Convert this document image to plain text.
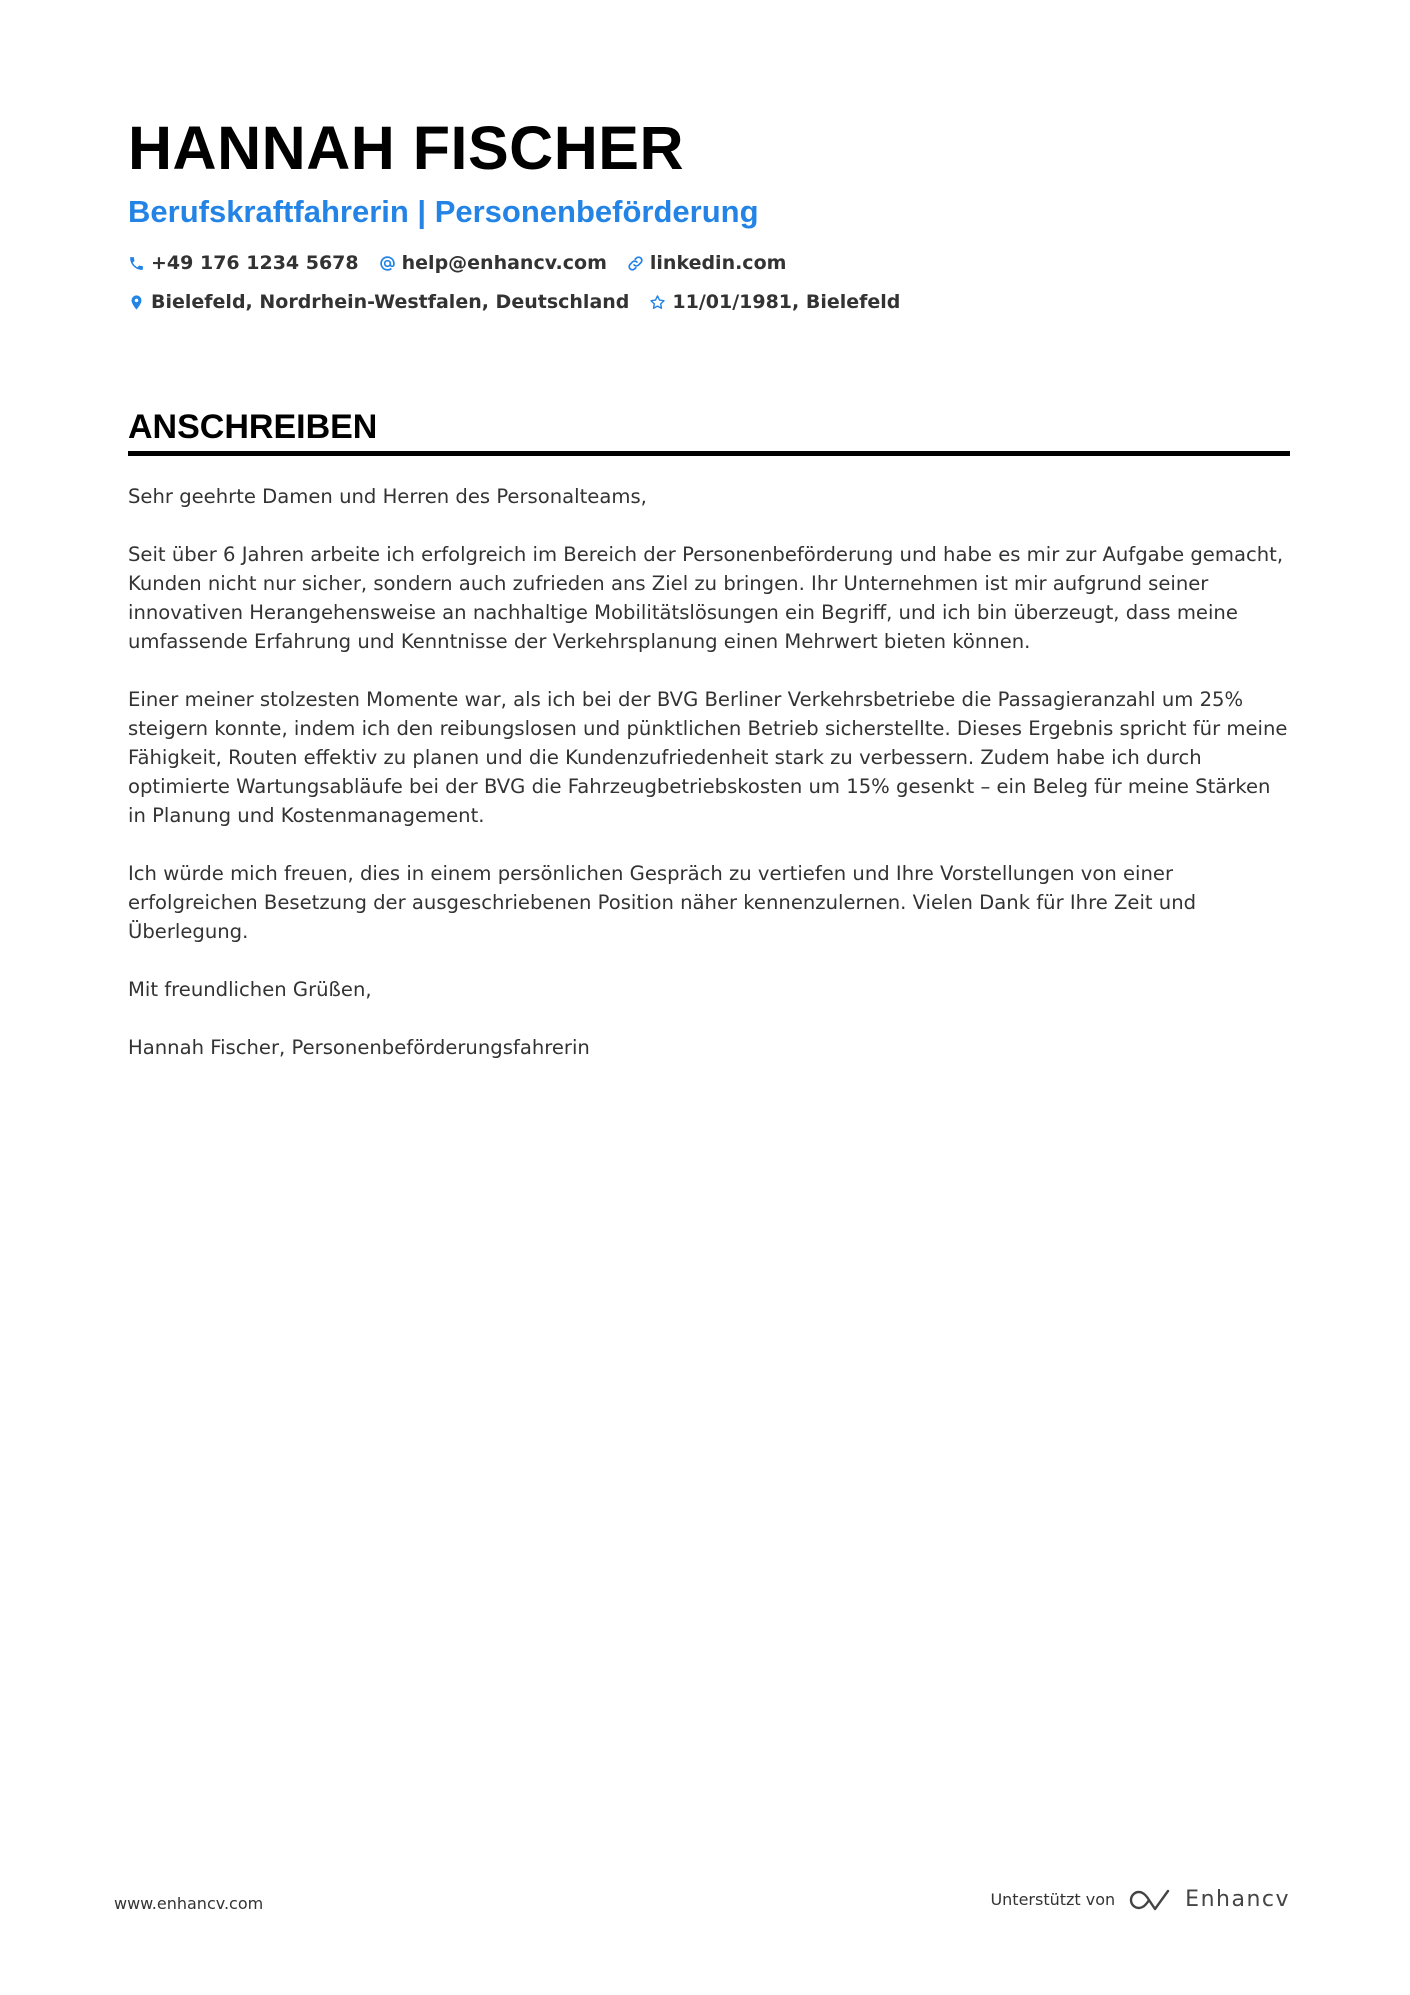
HANNAH FISCHER
Berufskraftfahrerin | Personenbeförderung
+49 176 1234 5678 help@enhancv.com linkedin.com
Bielefeld, Nordrhein-Westfalen, Deutschland 11/01/1981, Bielefeld
ANSCHREIBEN

Sehr geehrte Damen und Herren des Personalteams,

Seit über 6 Jahren arbeite ich erfolgreich im Bereich der Personenbeförderung und habe es mir zur Aufgabe gemacht, Kunden nicht nur sicher, sondern auch zufrieden ans Ziel zu bringen. Ihr Unternehmen ist mir aufgrund seiner innovativen Herangehensweise an nachhaltige Mobilitätslösungen ein Begriff, und ich bin überzeugt, dass meine umfassende Erfahrung und Kenntnisse der Verkehrsplanung einen Mehrwert bieten können.

Einer meiner stolzesten Momente war, als ich bei der BVG Berliner Verkehrsbetriebe die Passagieranzahl um 25% steigern konnte, indem ich den reibungslosen und pünktlichen Betrieb sicherstellte. Dieses Ergebnis spricht für meine Fähigkeit, Routen effektiv zu planen und die Kundenzufriedenheit stark zu verbessern. Zudem habe ich durch optimierte Wartungsabläufe bei der BVG die Fahrzeugbetriebskosten um 15% gesenkt – ein Beleg für meine Stärken in Planung und Kostenmanagement.

Ich würde mich freuen, dies in einem persönlichen Gespräch zu vertiefen und Ihre Vorstellungen von einer erfolgreichen Besetzung der ausgeschriebenen Position näher kennenzulernen. Vielen Dank für Ihre Zeit und Überlegung.

Mit freundlichen Grüßen,

Hannah Fischer, Personenbeförderungsfahrerin

www.enhancv.com	Unterstützt von	Enhancv
